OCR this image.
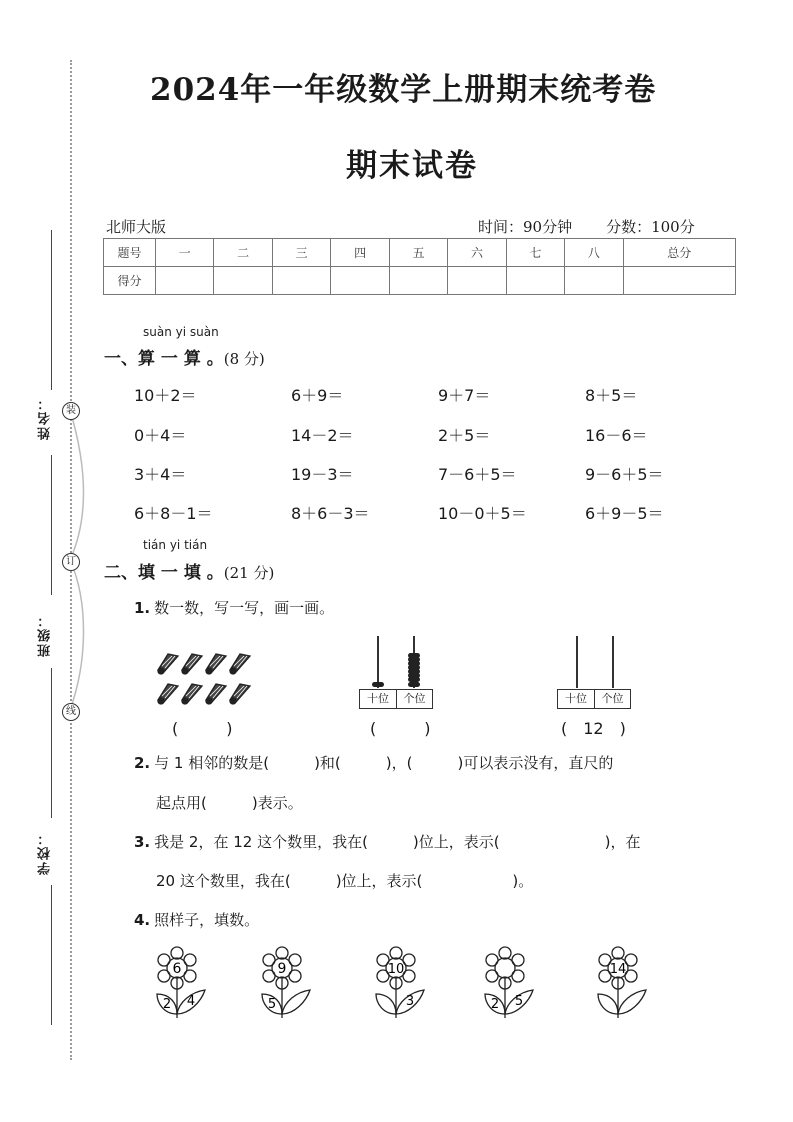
装
订
线
姓名：
班级：
学校：
2024年一年级数学上册期末统考卷
期末试卷
北师大版	时间：90分钟 分数：100分
题号	一	二	三	四	五	六	七	八	总分
得分									
suàn yi suàn
一、算 一 算 。(8 分)
10＋2＝	6＋9＝	9＋7＝	8＋5＝
0＋4＝	14－2＝	2＋5＝	16－6＝
3＋4＝	19－3＝	7－6＋5＝	9－6＋5＝
6＋8－1＝	8＋6－3＝	10－0＋5＝	6＋9－5＝
tián yi tián
二、填 一 填 。(21 分)
1. 数一数，写一写，画一画。
(　　　)
十位	个位
(　　　)
十位	个位
(　12　)
2. 与 1 相邻的数是(　　　)和(　　　)，(　　　)可以表示没有，直尺的
起点用(　　　)表示。
3. 我是 2，在 12 这个数里，我在(　　　)位上，表示(　　　　　　　)，在
20 这个数里，我在(　　　)位上，表示(　　　　　　)。
4. 照样子，填数。
6
2 4
9
5
10
3	2 5
14
